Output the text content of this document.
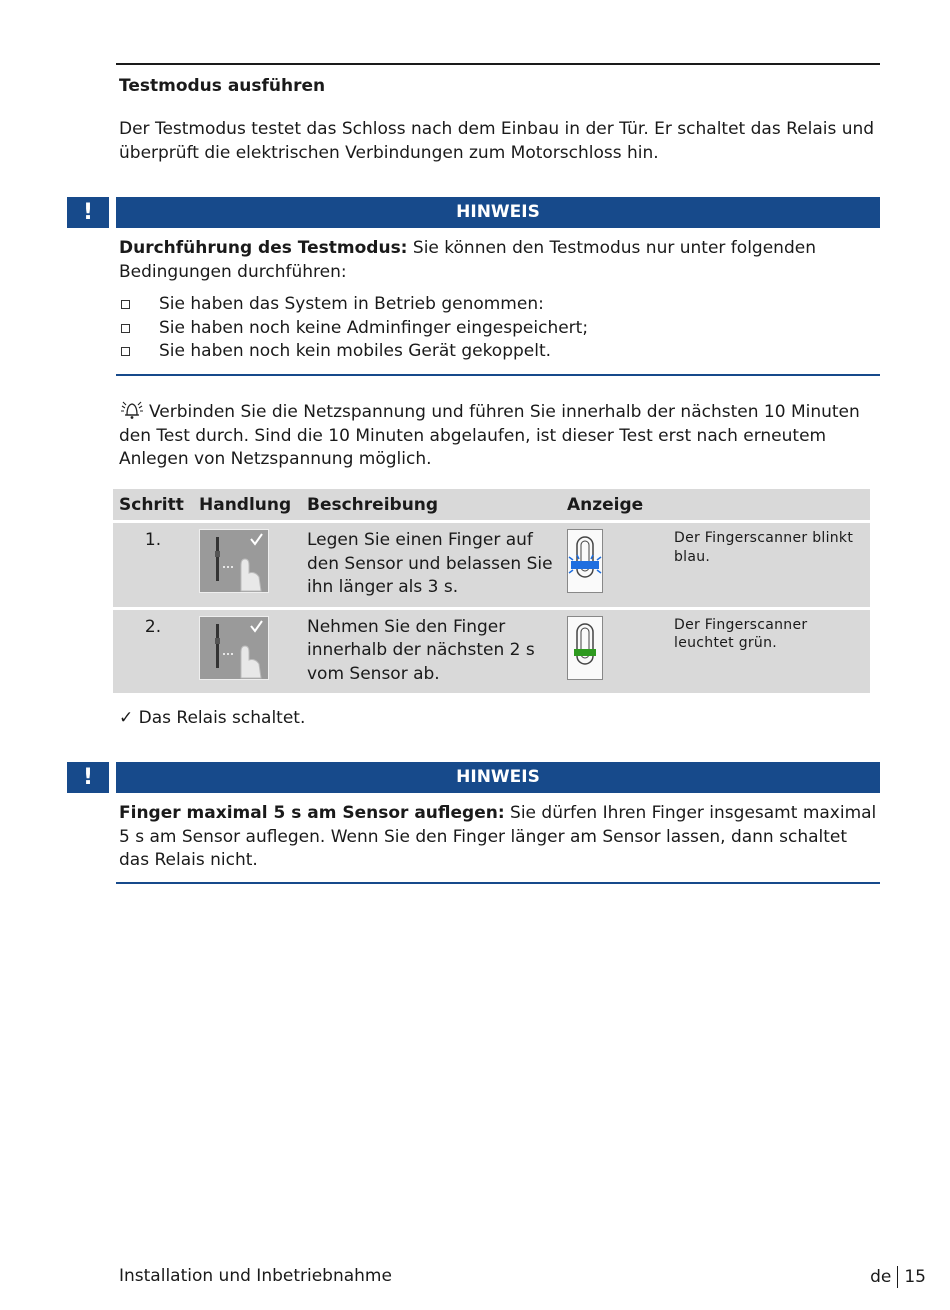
Testmodus ausführen
Der Testmodus testet das Schloss nach dem Einbau in der Tür. Er schaltet das Relais und überprüft die elektrischen Verbindungen zum Motorschloss hin.
!	HINWEIS
Durchführung des Testmodus: Sie können den Testmodus nur unter folgenden Bedingungen durchführen:
Sie haben das System in Betrieb genommen:
Sie haben noch keine Adminfinger eingespeichert;
Sie haben noch kein mobiles Gerät gekoppelt.
Verbinden Sie die Netzspannung und führen Sie innerhalb der nächsten 10 Minuten den Test durch. Sind die 10 Minuten abgelaufen, ist dieser Test erst nach erneutem Anlegen von Netzspannung möglich.
Schritt	Handlung	Beschreibung	Anzeige	
1.		Legen Sie einen Finger auf den Sensor und belassen Sie ihn länger als 3 s.		Der Fingerscanner blinkt blau.
2.		Nehmen Sie den Finger innerhalb der nächsten 2 s vom Sensor ab.		Der Fingerscanner leuchtet grün.
✓ Das Relais schaltet.
!	HINWEIS
Finger maximal 5 s am Sensor auflegen: Sie dürfen Ihren Finger insgesamt maximal 5 s am Sensor auflegen. Wenn Sie den Finger länger am Sensor lassen, dann schaltet das Relais nicht.
Installation und Inbetriebnahme	de 15
